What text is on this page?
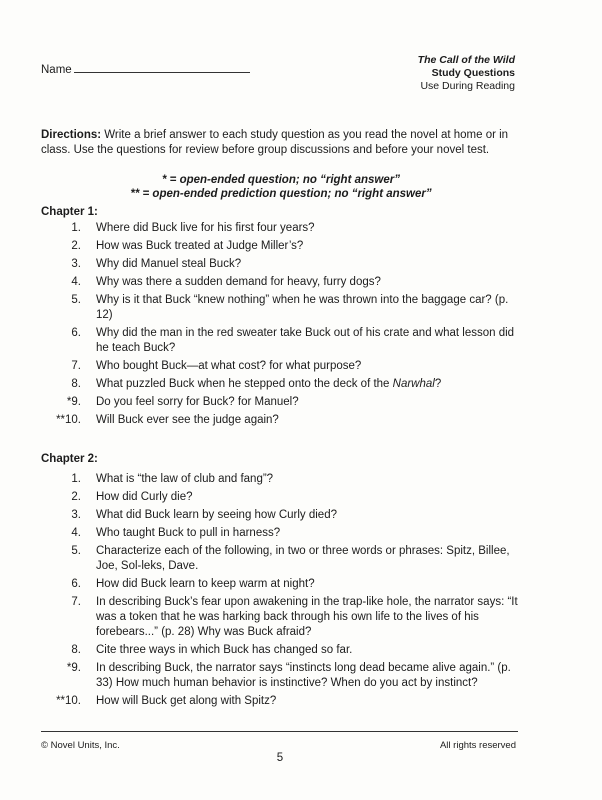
Name
The Call of the Wild
Study Questions
Use During Reading
Directions: Write a brief answer to each study question as you read the novel at home or in class. Use the questions for review before group discussions and before your novel test.
* = open-ended question; no “right answer”
** = open-ended prediction question; no “right answer”
Chapter 1:
1.	Where did Buck live for his first four years?
2.	How was Buck treated at Judge Miller’s?
3.	Why did Manuel steal Buck?
4.	Why was there a sudden demand for heavy, furry dogs?
5.	Why is it that Buck “knew nothing” when he was thrown into the baggage car? (p. 12)
6.	Why did the man in the red sweater take Buck out of his crate and what lesson did he teach Buck?
7.	Who bought Buck—at what cost? for what purpose?
8.	What puzzled Buck when he stepped onto the deck of the Narwhal?
*9.	Do you feel sorry for Buck? for Manuel?
**10.	Will Buck ever see the judge again?
Chapter 2:
1.	What is “the law of club and fang”?
2.	How did Curly die?
3.	What did Buck learn by seeing how Curly died?
4.	Who taught Buck to pull in harness?
5.	Characterize each of the following, in two or three words or phrases: Spitz, Billee, Joe, Sol-leks, Dave.
6.	How did Buck learn to keep warm at night?
7.	In describing Buck’s fear upon awakening in the trap-like hole, the narrator says: “It was a token that he was harking back through his own life to the lives of his forebears...” (p. 28) Why was Buck afraid?
8.	Cite three ways in which Buck has changed so far.
*9.	In describing Buck, the narrator says “instincts long dead became alive again.” (p. 33) How much human behavior is instinctive? When do you act by instinct?
**10.	How will Buck get along with Spitz?
© Novel Units, Inc.	All rights reserved
5
